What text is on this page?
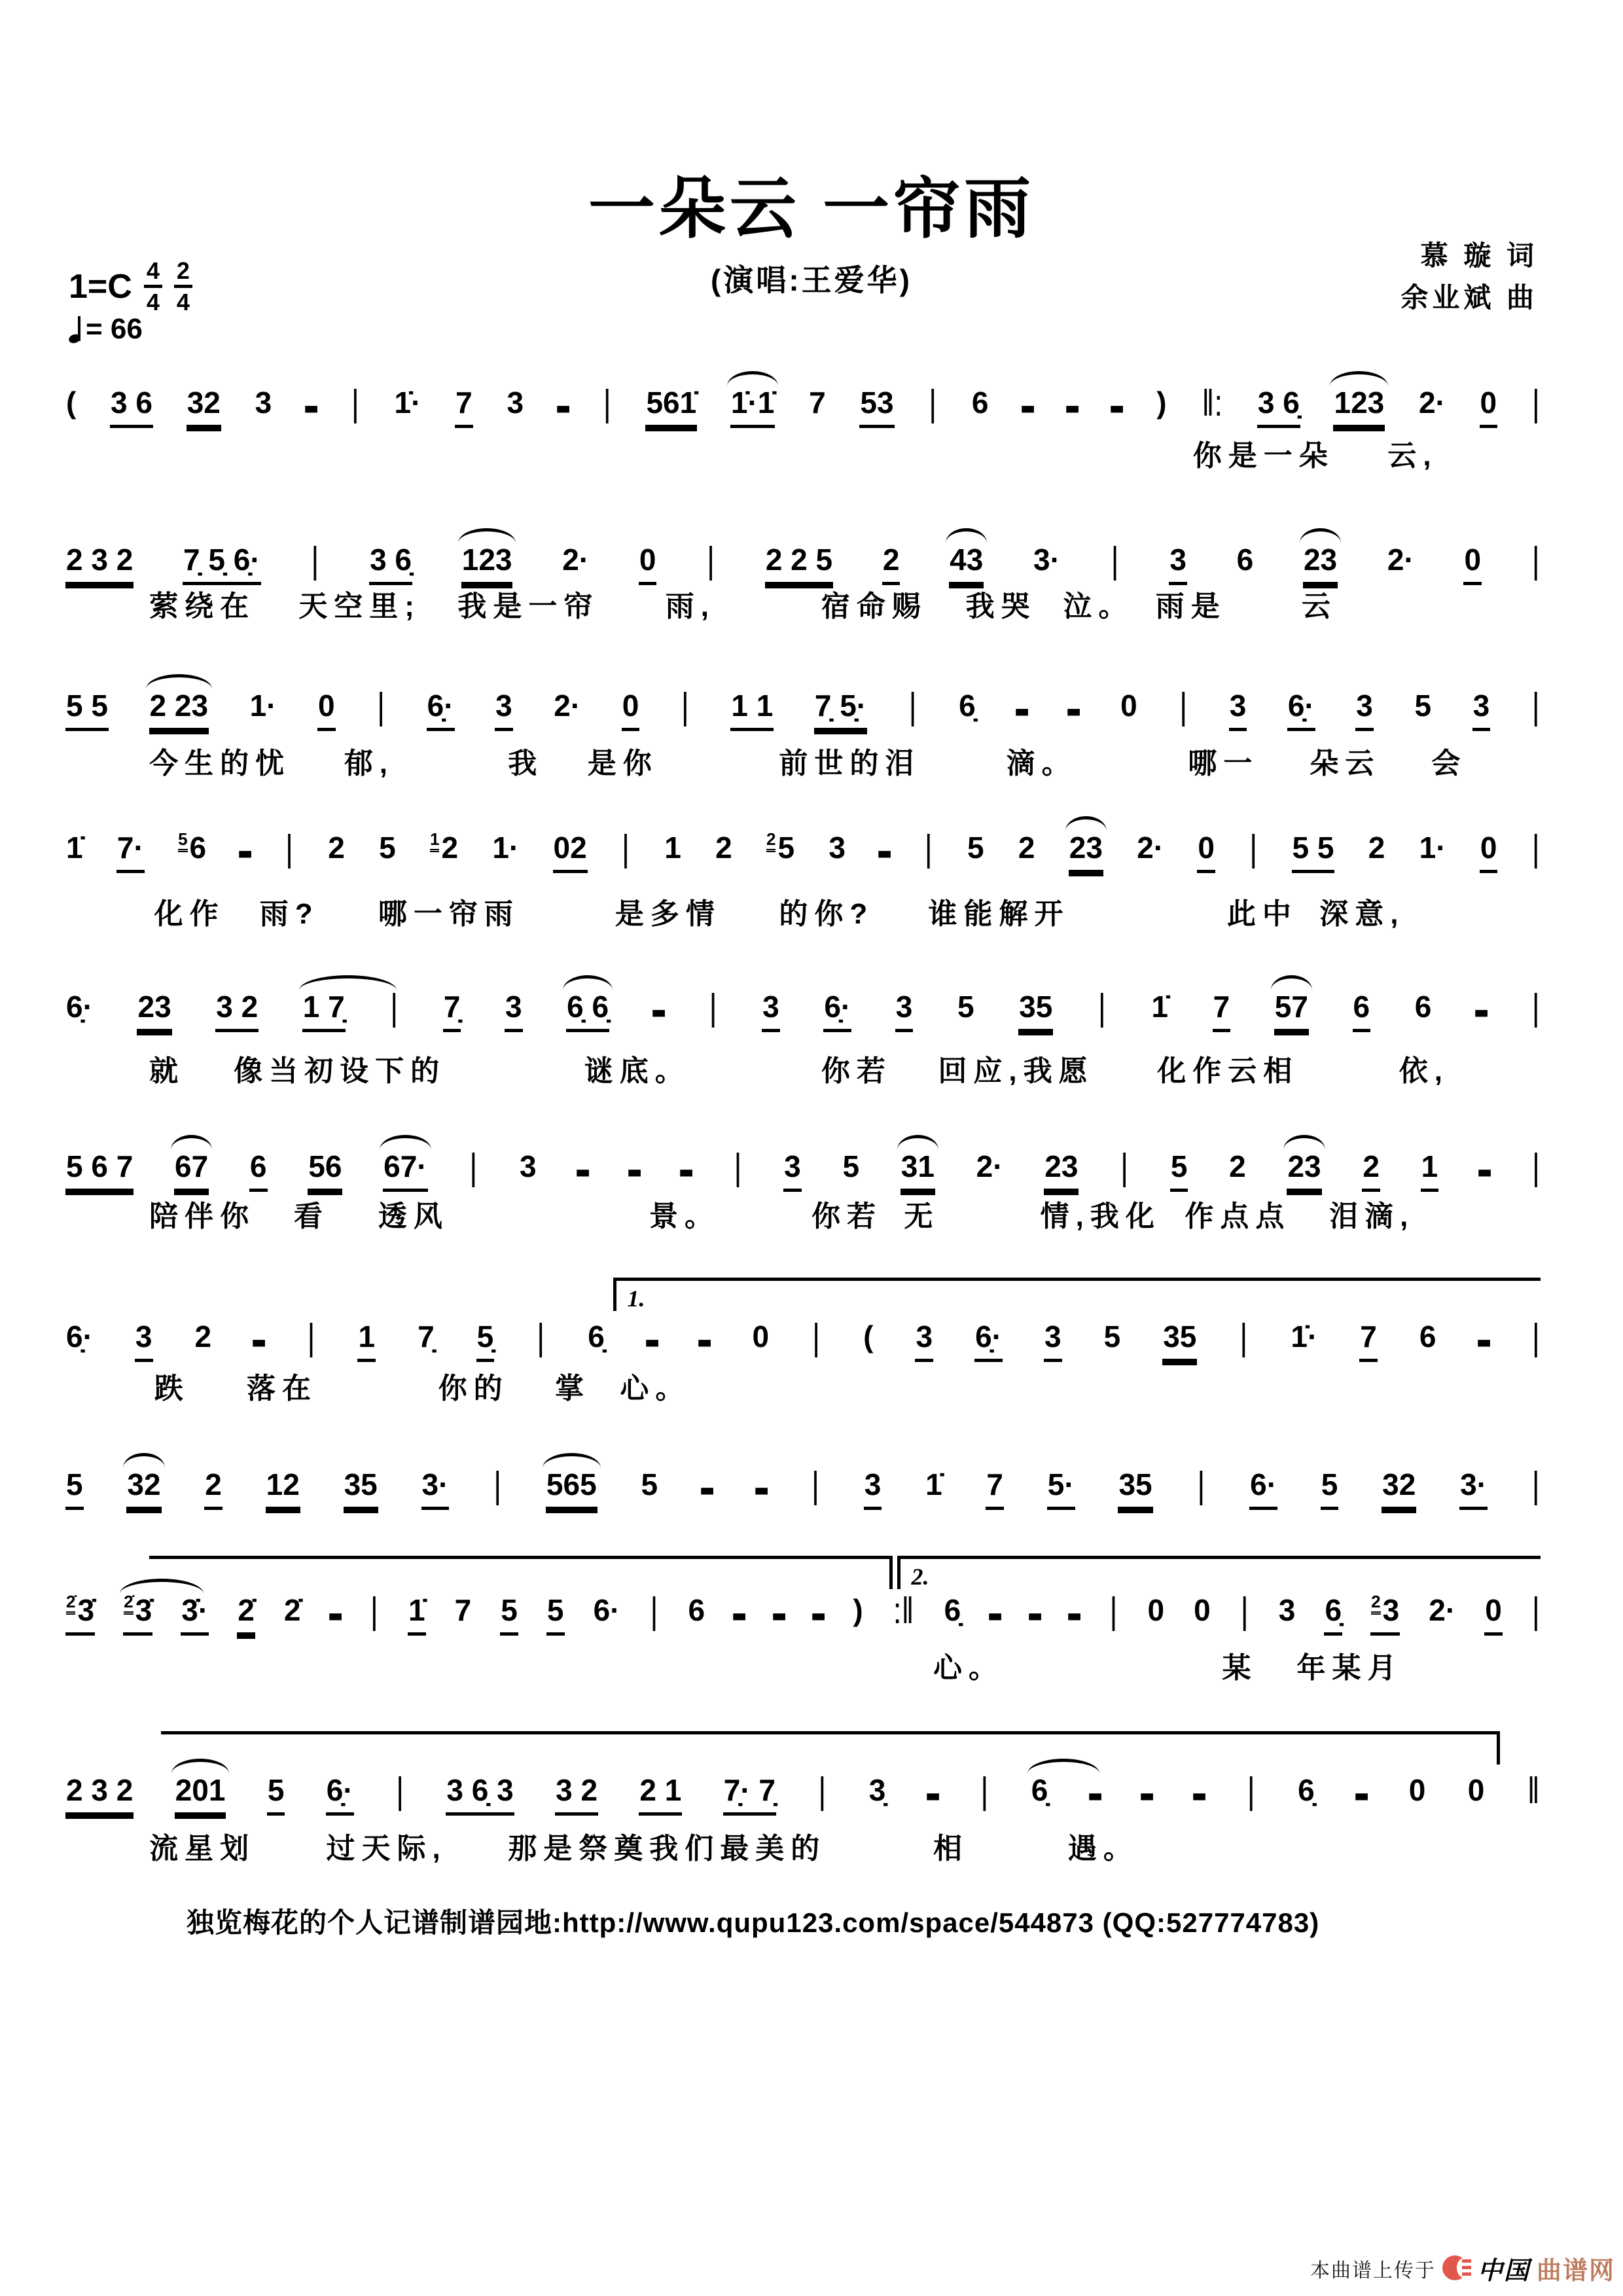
一朵云 一帘雨
(演唱:王爱华)
慕 璇 词
余业斌 曲
1=C 4
4
2
4
= 66
( 3 6 32 3 - | 1̇· 7 3 - | 561̇ 1̇·1̇ 7 53 | 6 - - - ) ‖: 3 6̣ 123 2· 0 |
你是一朵 云,
2 3 2 7̣ 5̣ 6̣· | 3 6̣ 123 2· 0 | 2 2 5 2 43 3· | 3 6 23 2· 0 |
萦绕在 天空里; 我是一帘 雨,	宿命赐 我哭 泣。 雨是	云
5 5 2 23 1· 0 | 6̣· 3 2· 0 | 1 1 7̣ 5̣· | 6̣ - - 0 | 3 6̣· 3 5 3 |
今生的忧 郁,	我 是你	前世的泪	滴。	哪一 朵云 会
1̇ 7· $^5$6 - | 2 5 $^1$2 1· 02 | 1 2 $^2$5 3 - | 5 2 23 2· 0 | 5 5 2 1· 0 |
化作 雨? 哪一帘雨	是多情 的你? 谁能解开	此中 深意,
6̣· 23 3 2 1 7̣ | 7̣ 3 6̣ 6̣ - | 3 6̣· 3 5 35 | 1̇ 7 57 6 6 - |
就 像当初设下的	谜底。	你若 回应,我愿 化作云相	依,
5 6 7 67 6 56 67· | 3 - - - | 3 5 31 2· 23 | 5 2 23 2 1 - |
陪伴你 看 透风	景。	你若 无	情,我化 作点点 泪滴,
6̣· 3 2 - | 1 7̣ 5̣ | 6̣ - - 0 | ( 3 6̣· 3 5 35 | 1̇· 7 6 - |
跌 落在	你的 掌 心。
5 32 2 12 35 3· | 565 5 - - | 3 1̇ 7 5· 35 | 6· 5 32 3· |
$^{2̇}$3̇ $^{2̇}$3̇ 3̇· 2̇ 2̇ - | 1̇ 7 5 5 6· | 6 - - - ) :‖ 6̣ - - - | 0 0 | 3 6̣ $^2$3 2· 0 |
心。	某 年某月
2 3 2 201 5 6̣· | 3 6̣ 3 3 2 2 1 7̣· 7̣ | 3̣ - | 6̣ - - - | 6̣ - 0 0 ‖
流星划 过天际, 那是祭奠我们最美的	相	遇。
1.
2.
独览梅花的个人记谱制谱园地:http://www.qupu123.com/space/544873 (QQ:527774783)
本曲谱上传于 中国 曲谱网
